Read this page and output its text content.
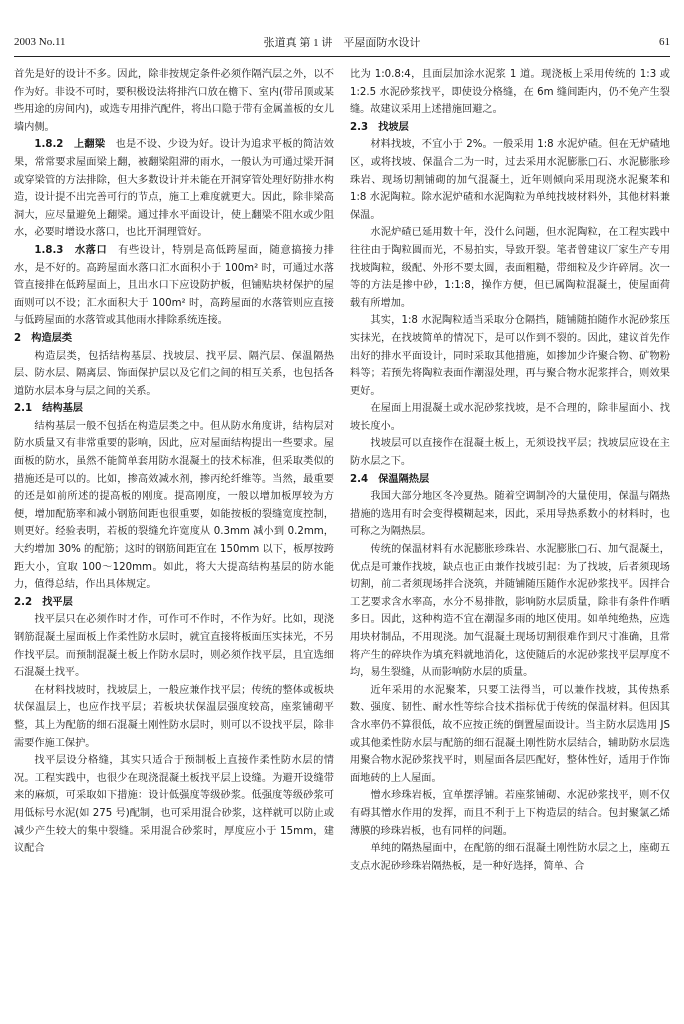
2003 No.11	张道真 第 1 讲　平屋面防水设计	61

首先是好的设计不多。因此，除非按规定条件必须作隔汽层之外，以不作为好。非设不可时，要积极设法将排汽口放在檐下、室内(带吊顶或某些用途的房间内)，或选专用排汽配件，将出口隐于带有金属盖板的女儿墙内侧。

1.8.2　上翻梁　也是不设、少设为好。设计为追求平板的简洁效果，常常要求屋面梁上翻，被翻梁阻滞的雨水，一般认为可通过梁开洞或穿梁管的方法排除，但大多数设计并未能在开洞穿管处理好防排水构造，设计提不出完善可行的节点，施工上难度就更大。因此，除非梁高洞大，应尽量避免上翻梁。通过排水平面设计，使上翻梁不阻水或少阻水，必要时增设水落口，也比开洞理管好。

1.8.3　水落口　有些设计，特别是高低跨屋面，随意搞接力排水，是不好的。高跨屋面水落口汇水面积小于 100m² 时，可通过水落管直接排在低跨屋面上，且出水口下应设防护板，但铺贴块材保护的屋面则可以不设；汇水面积大于 100m² 时，高跨屋面的水落管则应直接与低跨屋面的水落管或其他雨水排除系统连接。

2　构造层类

构造层类，包括结构基层、找坡层、找平层、隔汽层、保温隔热层、防水层、隔离层、饰面保护层以及它们之间的相互关系，也包括各道防水层本身与层之间的关系。

2.1　结构基层

结构基层一般不包括在构造层类之中。但从防水角度讲，结构层对防水质量又有非常重要的影响，因此，应对屋面结构提出一些要求。屋面板的防水，虽然不能简单套用防水混凝土的技术标准，但采取类似的措施还是可以的。比如，掺高效减水剂，掺丙纶纤维等。当然，最重要的还是如前所述的提高板的刚度。提高刚度，一般以增加板厚较为方便，增加配筋率和减小钢筋间距也很重要，如能按板的裂缝宽度控制，则更好。经验表明，若板的裂缝允许宽度从 0.3mm 减小到 0.2mm，大约增加 30% 的配筋；这时的钢筋间距宜在 150mm 以下，板厚按跨距大小，宜取 100～120mm。如此，将大大提高结构基层的防水能力，值得总结，作出具体规定。

2.2　找平层

找平层只在必须作时才作，可作可不作时，不作为好。比如，现浇钢筋混凝土屋面板上作柔性防水层时，就宜直接将板面压实抹光，不另作找平层。而预制混凝土板上作防水层时，则必须作找平层，且宜选细石混凝土找平。

在材料找坡时，找坡层上，一般应兼作找平层；传统的整体或板块状保温层上，也应作找平层；若板块状保温层强度较高，座浆铺砌平整，其上为配筋的细石混凝土刚性防水层时，则可以不设找平层，除非需要作施工保护。

找平层设分格缝，其实只适合于预制板上直接作柔性防水层的情况。工程实践中，也很少在现浇混凝土板找平层上设缝。为避开设缝带来的麻烦，可采取如下措施：设计低强度等级砂浆。低强度等级砂浆可用低标号水泥(如 275 号)配制，也可采用混合砂浆，这样就可以防止或减少产生较大的集中裂缝。采用混合砂浆时，厚度应小于 15mm，建议配合

比为 1:0.8:4，且面层加涂水泥浆 1 道。现浇板上采用传统的 1:3 或 1:2.5 水泥砂浆找平，即使设分格缝，在 6m 缝间距内，仍不免产生裂缝。故建议采用上述措施回避之。

2.3　找坡层

材料找坡，不宜小于 2%。一般采用 1:8 水泥炉碴。但在无炉碴地区，或将找坡、保温合二为一时，过去采用水泥膨胀□石、水泥膨胀珍珠岩、现场切割铺砌的加气混凝土，近年则倾向采用现浇水泥聚苯和 1:8 水泥陶粒。除水泥炉碴和水泥陶粒为单纯找坡材料外，其他材料兼保温。

水泥炉碴已延用数十年，没什么问题，但水泥陶粒，在工程实践中往往由于陶粒圆而光，不易拍实，导致开裂。笔者曾建议厂家生产专用找坡陶粒，级配、外形不要太圆，表面粗糙，带细粒及少许碎屑。次一等的方法是掺中砂，1:1:8，操作方便，但已属陶粒混凝土，使屋面荷载有所增加。

其实，1:8 水泥陶粒适当采取分仓隔挡，随铺随拍随作水泥砂浆压实抹光，在找坡简单的情况下，是可以作到不裂的。因此，建议首先作出好的排水平面设计，同时采取其他措施，如掺加少许聚合物、矿物粉料等；若预先将陶粒表面作潮湿处理，再与聚合物水泥浆拌合，则效果更好。

在屋面上用混凝土或水泥砂浆找坡，是不合理的，除非屋面小、找坡长度小。

找坡层可以直接作在混凝土板上，无须设找平层；找坡层应设在主防水层之下。

2.4　保温隔热层

我国大部分地区冬冷夏热。随着空调制冷的大量使用，保温与隔热措施的选用有时会变得模糊起来，因此，采用导热系数小的材料时，也可称之为隔热层。

传统的保温材料有水泥膨胀珍珠岩、水泥膨胀□石、加气混凝土，优点是可兼作找坡，缺点也正由兼作找坡引起：为了找坡，后者须现场切割，前二者须现场拌合浇筑，并随铺随压随作水泥砂浆找平。因拌合工艺要求含水率高，水分不易排散，影响防水层质量，除非有条件作晒多日。因此，这种构造不宜在潮湿多雨的地区使用。如单纯绝热，应选用块材制品，不用现浇。加气混凝土现场切割很难作到尺寸准确，且常将产生的碎块作为填充料就地消化，这使随后的水泥砂浆找平层厚度不均，易生裂缝，从而影响防水层的质量。

近年采用的水泥聚苯，只要工法得当，可以兼作找坡，其传热系数、强度、韧性、耐水性等综合技术指标优于传统的保温材料。但因其含水率仍不算很低，故不应按正统的倒置屋面设计。当主防水层选用 JS 或其他柔性防水层与配筋的细石混凝土刚性防水层结合，辅助防水层选用聚合物水泥砂浆找平时，则屋面各层匹配好，整体性好，适用于作饰面地砖的上人屋面。

憎水珍珠岩板，宜单摆浮铺。若座浆铺砌、水泥砂浆找平，则不仅有碍其憎水作用的发挥，而且不利于上下构造层的结合。包封聚氯乙烯薄膜的珍珠岩板，也有同样的问题。

单纯的隔热屋面中，在配筋的细石混凝土刚性防水层之上，座砌五支点水泥砂珍珠岩隔热板，是一种好选择，简单、合
